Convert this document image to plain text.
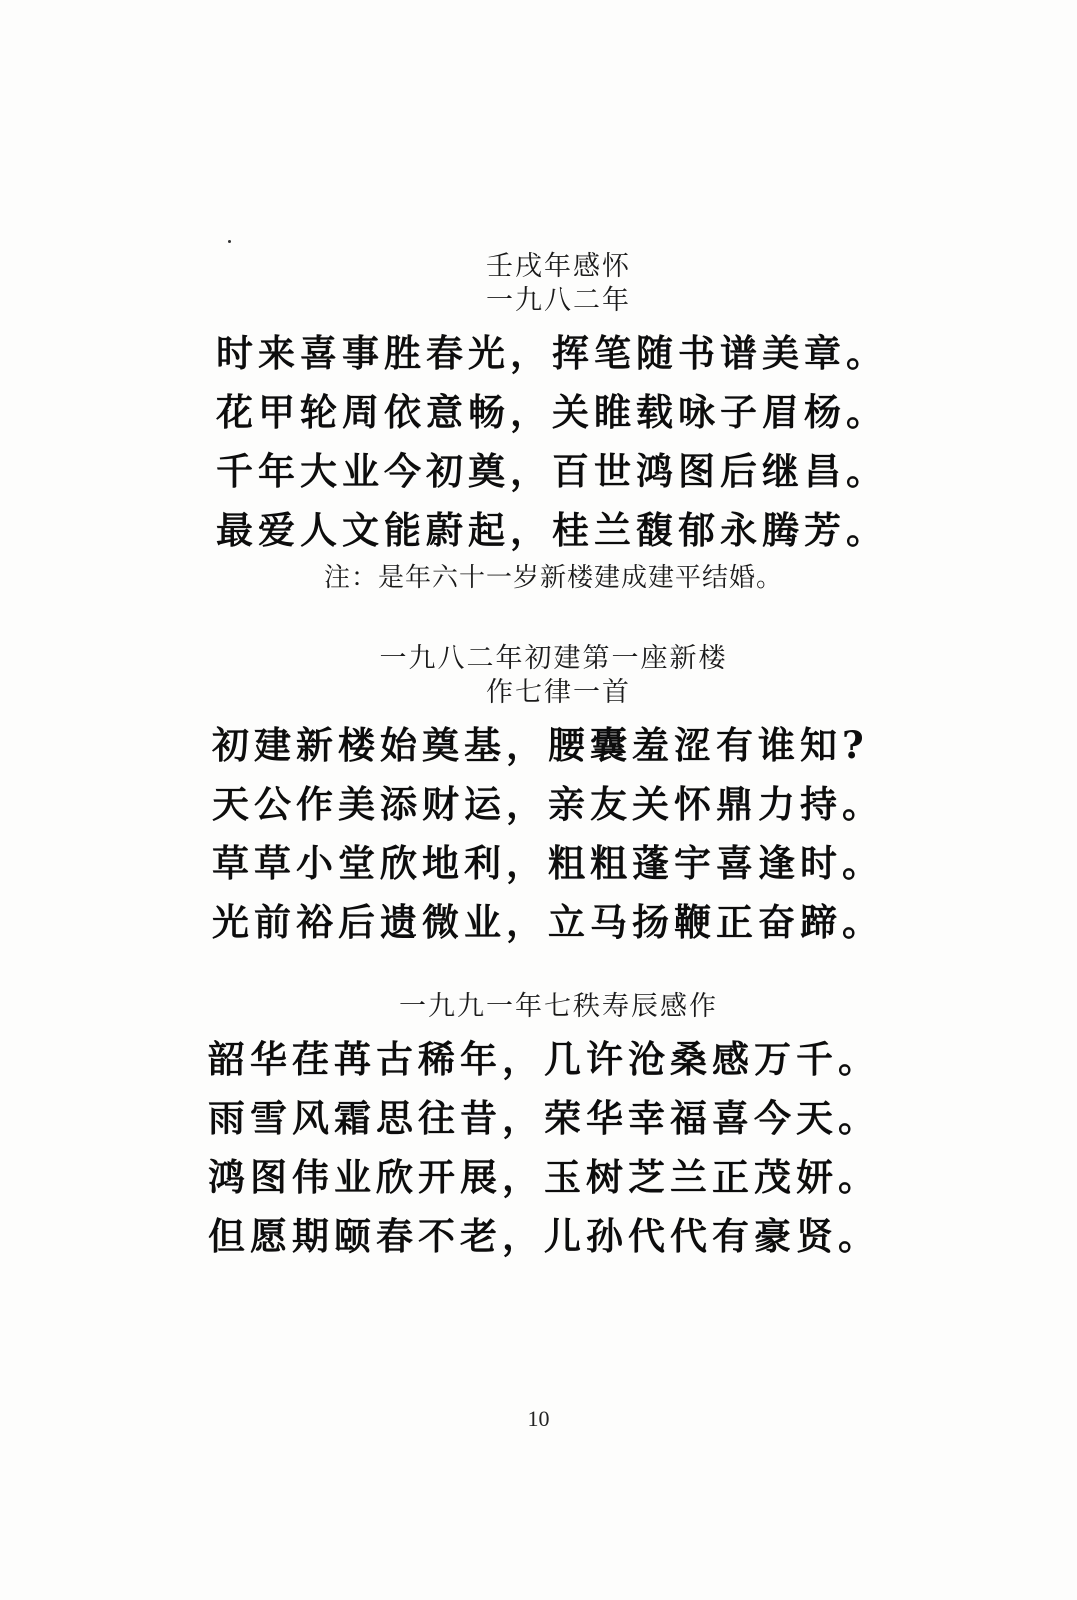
壬戌年感怀
一九八二年
时来喜事胜春光，挥笔随书谱美章。
花甲轮周依意畅，关睢载咏子眉杨。
千年大业今初奠，百世鸿图后继昌。
最爱人文能蔚起，桂兰馥郁永腾芳。
注：是年六十一岁新楼建成建平结婚。
一九八二年初建第一座新楼
作七律一首
初建新楼始奠基，腰囊羞涩有谁知?
天公作美添财运，亲友关怀鼎力持。
草草小堂欣地利，粗粗蓬宇喜逢时。
光前裕后遗微业，立马扬鞭正奋蹄。
一九九一年七秩寿辰感作
韶华荏苒古稀年，几许沧桑感万千。
雨雪风霜思往昔，荣华幸福喜今天。
鸿图伟业欣开展，玉树芝兰正茂妍。
但愿期颐春不老，儿孙代代有豪贤。
10
